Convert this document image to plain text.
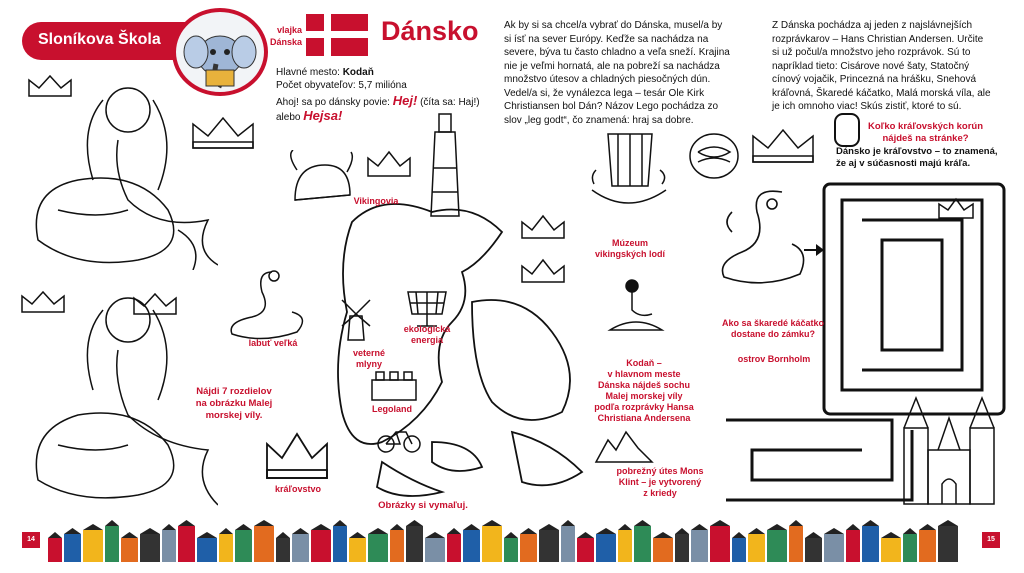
Sloníkova Škola
vlajka
Dánska	Dánsko
Hlavné mesto: Kodaň
Počet obyvateľov: 5,7 milióna
Ahoj! sa po dánsky povie: Hej! (číta sa: Haj!)
alebo Hejsa!
Ak by si sa chcel/a vybrať do Dánska, musel/a by
si ísť na sever Európy. Keďže sa nachádza na
severe, býva tu často chladno a veľa sneží. Krajina
nie je veľmi hornatá, ale na pobreží sa nachádza
množstvo útesov a chladných piesočných dún.
Vedel/a si, že vynálezca lega – tesár Ole Kirk
Christiansen bol Dán? Názov Lego pochádza zo
slov „leg godt“, čo znamená: hraj sa dobre.
Z Dánska pochádza aj jeden z najslávnejších
rozprávkarov – Hans Christian Andersen. Určite
si už počul/a množstvo jeho rozprávok. Sú to
napríklad tieto: Cisárove nové šaty, Statočný
cínový vojačik, Princezná na hrášku, Snehová
kráľovná, Škaredé káčatko, Malá morská víla, ale
je ich omnoho viac! Skús zistiť, ktoré to sú.
Koľko kráľovských korún
nájdeš na stránke?
Dánsko je kráľovstvo – to znamená,
že aj v súčasnosti majú kráľa.
Vikingovia
Múzeum
vikingských lodí
labuť veľká
veterné
mlyny
ekologická
energia
Legoland
kráľovstvo
Nájdi 7 rozdielov
na obrázku Malej
morskej víly.
Kodaň –
v hlavnom meste
Dánska nájdeš sochu
Malej morskej víly
podľa rozprávky Hansa
Christiana Andersena
ostrov Bornholm
Ako sa škaredé káčatko
dostane do zámku?
pobrežný útes Mons
Klint – je vytvorený
z kriedy
Obrázky si vymaľuj.
14	15
